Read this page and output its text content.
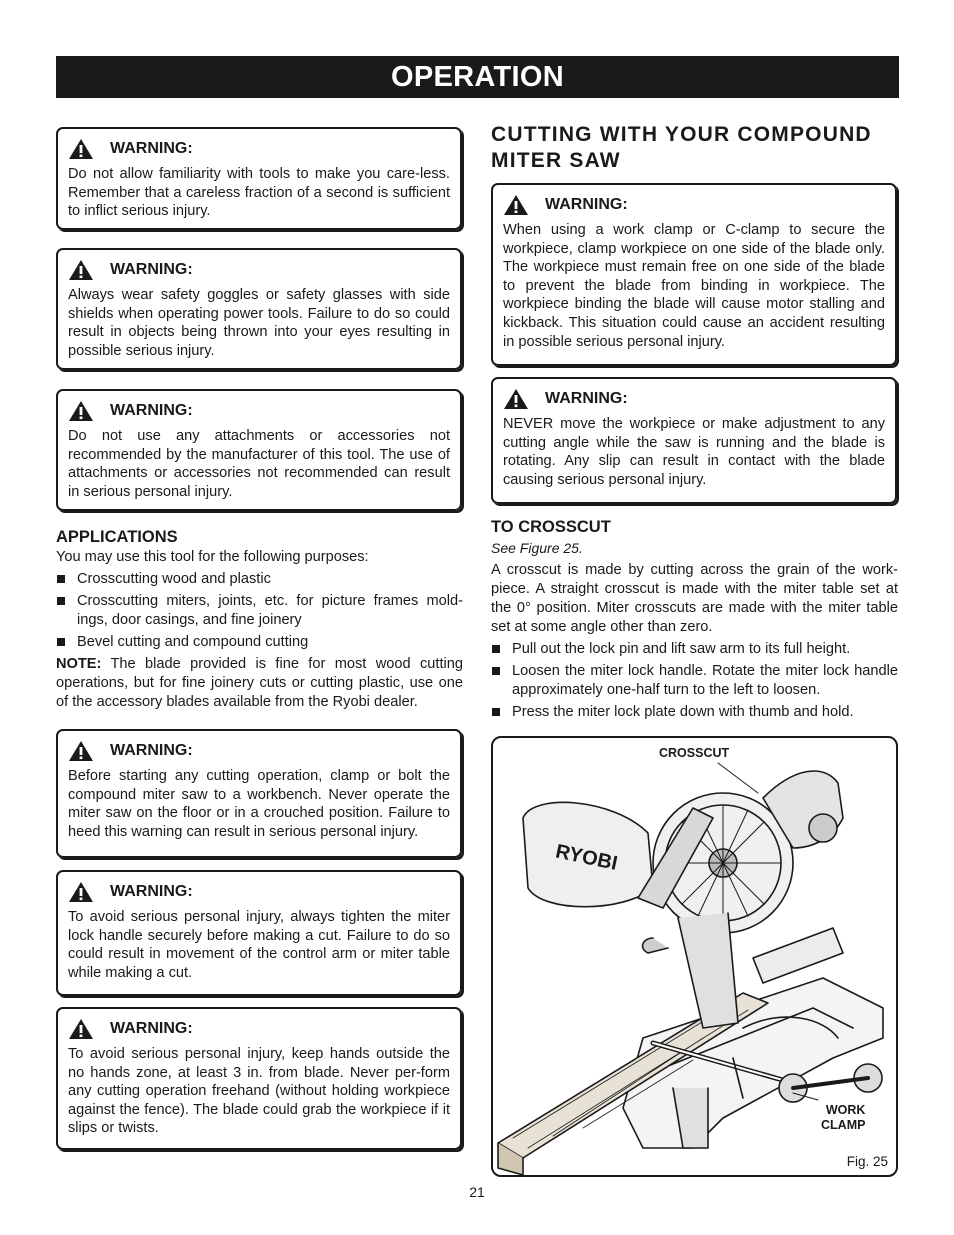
OPERATION
WARNING:

Do not allow familiarity with tools to make you care-less. Remember that a careless fraction of a second is sufficient to inflict serious injury.

WARNING:

Always wear safety goggles or safety glasses with side shields when operating power tools. Failure to do so could result in objects being thrown into your eyes resulting in possible serious injury.

WARNING:

Do not use any attachments or accessories not recommended by the manufacturer of this tool. The use of attachments or accessories not recommended can result in serious personal injury.

APPLICATIONS

You may use this tool for the following purposes:

Crosscutting wood and plastic
Crosscutting miters, joints, etc. for picture frames mold-ings, door casings, and fine joinery
Bevel cutting and compound cutting

NOTE: The blade provided is fine for most wood cutting operations, but for fine joinery cuts or cutting plastic, use one of the accessory blades available from the Ryobi dealer.

WARNING:

Before starting any cutting operation, clamp or bolt the compound miter saw to a workbench. Never operate the miter saw on the floor or in a crouched position. Failure to heed this warning can result in serious personal injury.

WARNING:

To avoid serious personal injury, always tighten the miter lock handle securely before making a cut. Failure to do so could result in movement of the control arm or miter table while making a cut.

WARNING:

To avoid serious personal injury, keep hands outside the no hands zone, at least 3 in. from blade. Never per-form any cutting operation freehand (without holding workpiece against the fence). The blade could grab the workpiece if it slips or twists.

CUTTING WITH YOUR COMPOUND
MITER SAW
WARNING:

When using a work clamp or C-clamp to secure the workpiece, clamp workpiece on one side of the blade only. The workpiece must remain free on one side of the blade to prevent the blade from binding in workpiece. The workpiece binding the blade will cause motor stalling and kickback. This situation could cause an accident resulting in possible serious personal injury.

WARNING:

NEVER move the workpiece or make adjustment to any cutting angle while the saw is running and the blade is rotating. Any slip can result in contact with the blade causing serious personal injury.

TO CROSSCUT

See Figure 25.

A crosscut is made by cutting across the grain of the work-piece. A straight crosscut is made with the miter table set at the 0° position. Miter crosscuts are made with the miter table set at some angle other than zero.

Pull out the lock pin and lift saw arm to its full height.
Loosen the miter lock handle. Rotate the miter lock handle approximately one-half turn to the left to loosen.
Press the miter lock plate down with thumb and hold.
RYOBI
CROSSCUT
WORK
CLAMP
Fig. 25
21
